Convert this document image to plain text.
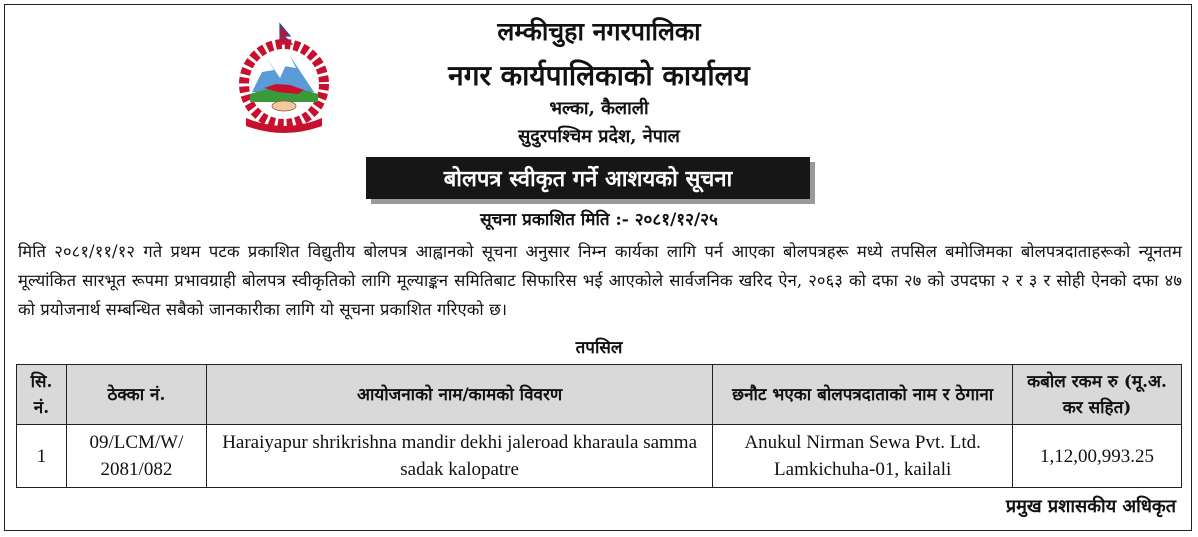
लम्कीचुहा नगरपालिका
नगर कार्यपालिकाको कार्यालय
भल्का, कैलाली
सुदुरपश्चिम प्रदेश, नेपाल
बोलपत्र स्वीकृत गर्ने आशयको सूचना
सूचना प्रकाशित मिति :- २०८१/१२/२५
मिति २०८१/११/१२ गते प्रथम पटक प्रकाशित विद्युतीय बोलपत्र आह्वानको सूचना अनुसार निम्न कार्यका लागि पर्न आएका बोलपत्रहरू मध्ये तपसिल बमोजिमका बोलपत्रदाताहरूको न्यूनतम मूल्यांकित सारभूत रूपमा प्रभावग्राही बोलपत्र स्वीकृतिको लागि मूल्याङ्कन समितिबाट सिफारिस भई आएकोले सार्वजनिक खरिद ऐन, २०६३ को दफा २७ को उपदफा २ र ३ र सोही ऐनको दफा ४७ को प्रयोजनार्थ सम्बन्धित सबैको जानकारीका लागि यो सूचना प्रकाशित गरिएको छ।
तपसिल
सि. नं.	ठेक्का नं.	आयोजनाको नाम/कामको विवरण	छनौट भएका बोलपत्रदाताको नाम र ठेगाना	कबोल रकम रु (मू.अ. कर सहित)
1	09/LCM/W/ 2081/082	Haraiyapur shrikrishna mandir dekhi jaleroad kharaula samma sadak kalopatre	Anukul Nirman Sewa Pvt. Ltd. Lamkichuha-01, kailali	1,12,00,993.25
प्रमुख प्रशासकीय अधिकृत
